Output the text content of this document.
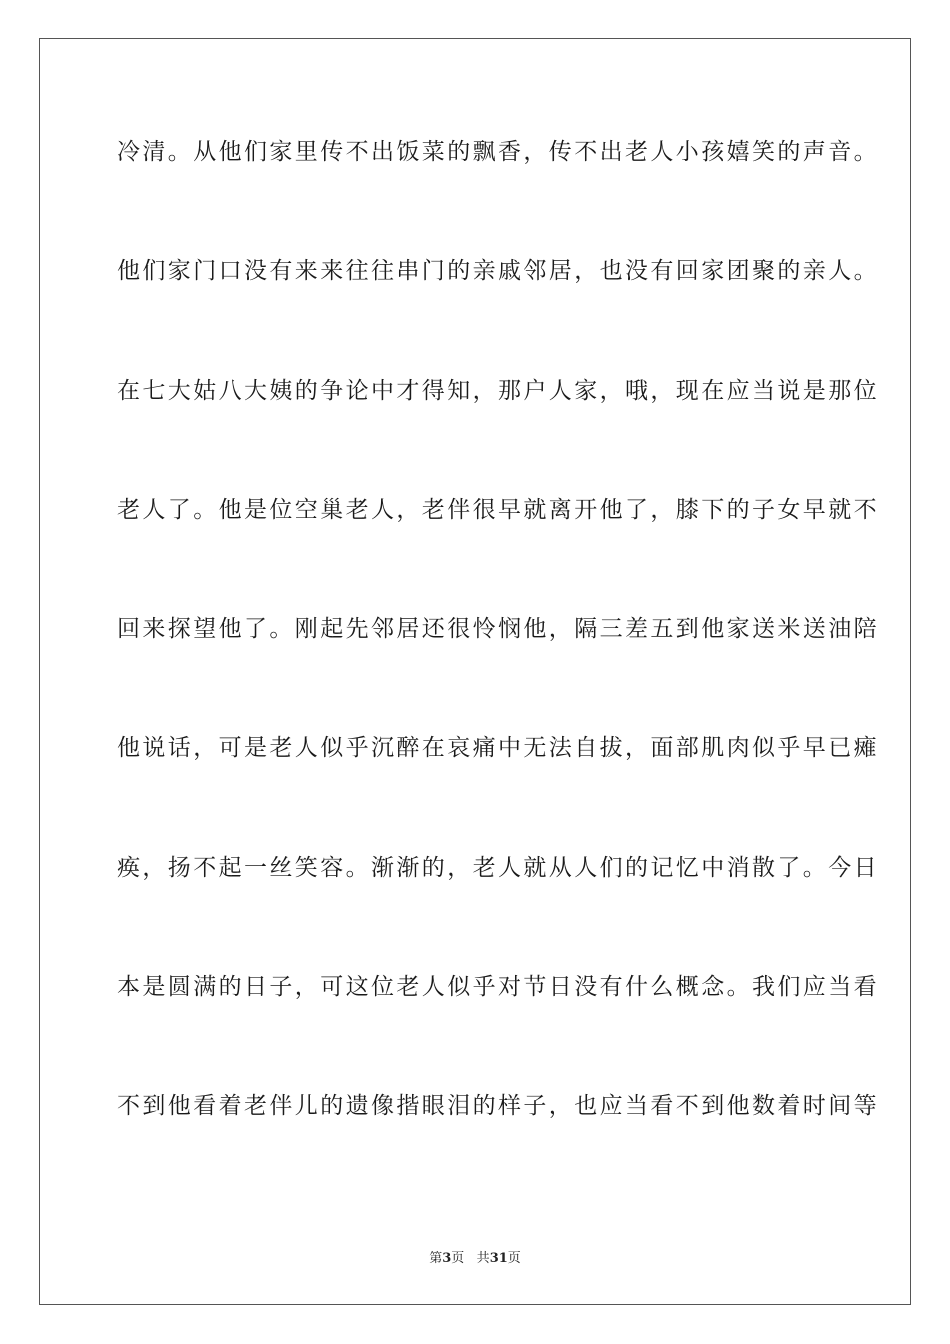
冷清。从他们家里传不出饭菜的飘香，传不出老人小孩嬉笑的声音。
他们家门口没有来来往往串门的亲戚邻居，也没有回家团聚的亲人。
在七大姑八大姨的争论中才得知，那户人家，哦，现在应当说是那位
老人了。他是位空巢老人，老伴很早就离开他了，膝下的子女早就不
回来探望他了。刚起先邻居还很怜悯他，隔三差五到他家送米送油陪
他说话，可是老人似乎沉醉在哀痛中无法自拔，面部肌肉似乎早已瘫
痪，扬不起一丝笑容。渐渐的，老人就从人们的记忆中消散了。今日
本是圆满的日子，可这位老人似乎对节日没有什么概念。我们应当看
不到他看着老伴儿的遗像揩眼泪的样子，也应当看不到他数着时间等
第3页 共31页
